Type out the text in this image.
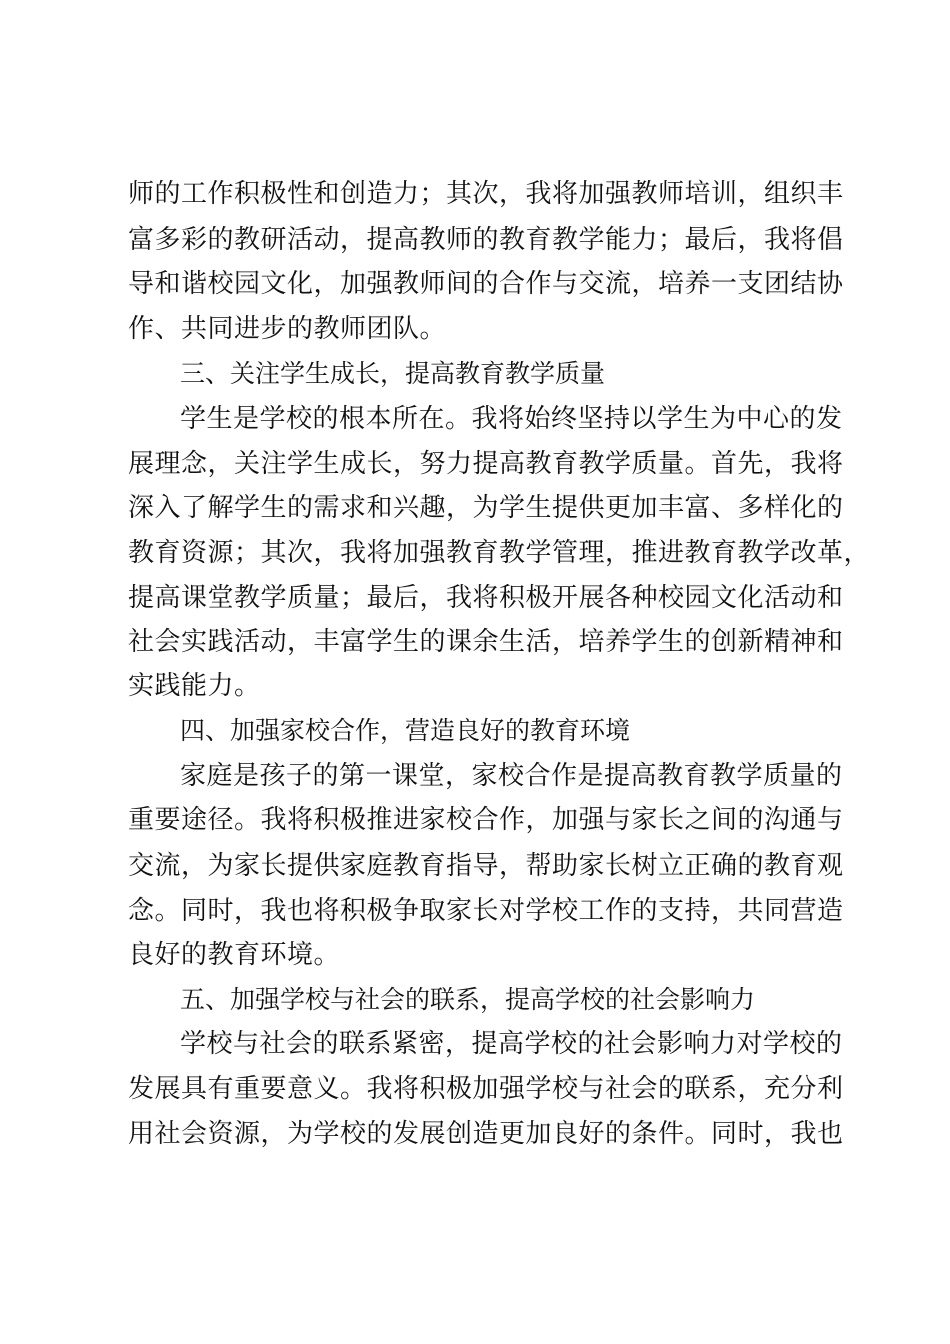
师的工作积极性和创造力；其次，我将加强教师培训，组织丰
富多彩的教研活动，提高教师的教育教学能力；最后，我将倡
导和谐校园文化，加强教师间的合作与交流，培养一支团结协
作、共同进步的教师团队。
三、关注学生成长，提高教育教学质量
学生是学校的根本所在。我将始终坚持以学生为中心的发
展理念，关注学生成长，努力提高教育教学质量。首先，我将
深入了解学生的需求和兴趣，为学生提供更加丰富、多样化的
教育资源；其次，我将加强教育教学管理，推进教育教学改革，
提高课堂教学质量；最后，我将积极开展各种校园文化活动和
社会实践活动，丰富学生的课余生活，培养学生的创新精神和
实践能力。
四、加强家校合作，营造良好的教育环境
家庭是孩子的第一课堂，家校合作是提高教育教学质量的
重要途径。我将积极推进家校合作，加强与家长之间的沟通与
交流，为家长提供家庭教育指导，帮助家长树立正确的教育观
念。同时，我也将积极争取家长对学校工作的支持，共同营造
良好的教育环境。
五、加强学校与社会的联系，提高学校的社会影响力
学校与社会的联系紧密，提高学校的社会影响力对学校的
发展具有重要意义。我将积极加强学校与社会的联系，充分利
用社会资源，为学校的发展创造更加良好的条件。同时，我也
